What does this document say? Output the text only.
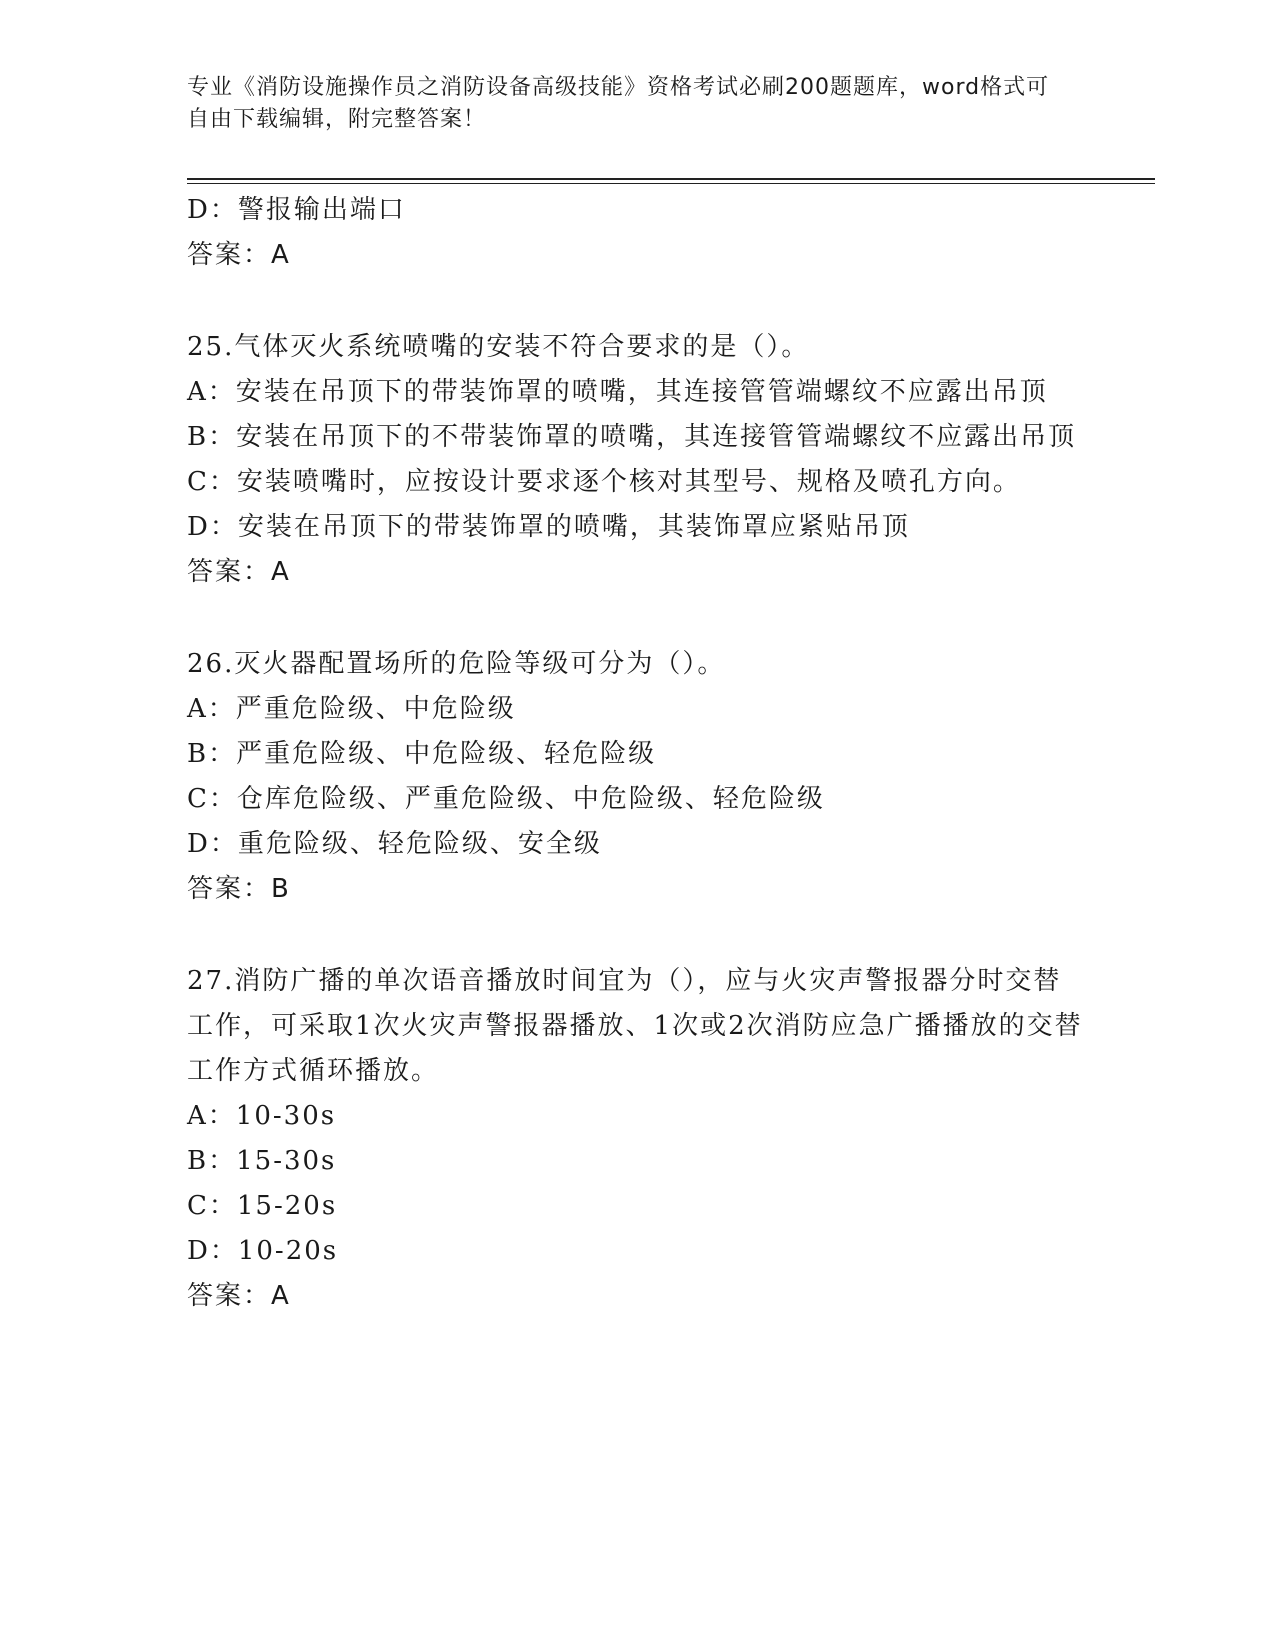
专业《消防设施操作员之消防设备高级技能》资格考试必刷200题题库，word格式可自由下载编辑，附完整答案！
D：警报输出端口
答案：A
25.气体灭火系统喷嘴的安装不符合要求的是（）。
A：安装在吊顶下的带装饰罩的喷嘴，其连接管管端螺纹不应露出吊顶
B：安装在吊顶下的不带装饰罩的喷嘴，其连接管管端螺纹不应露出吊顶
C：安装喷嘴时，应按设计要求逐个核对其型号、规格及喷孔方向。
D：安装在吊顶下的带装饰罩的喷嘴，其装饰罩应紧贴吊顶
答案：A
26.灭火器配置场所的危险等级可分为（）。
A：严重危险级、中危险级
B：严重危险级、中危险级、轻危险级
C：仓库危险级、严重危险级、中危险级、轻危险级
D：重危险级、轻危险级、安全级
答案：B
27.消防广播的单次语音播放时间宜为（），应与火灾声警报器分时交替工作，可采取1次火灾声警报器播放、1次或2次消防应急广播播放的交替工作方式循环播放。
A：10-30s
B：15-30s
C：15-20s
D：10-20s
答案：A
